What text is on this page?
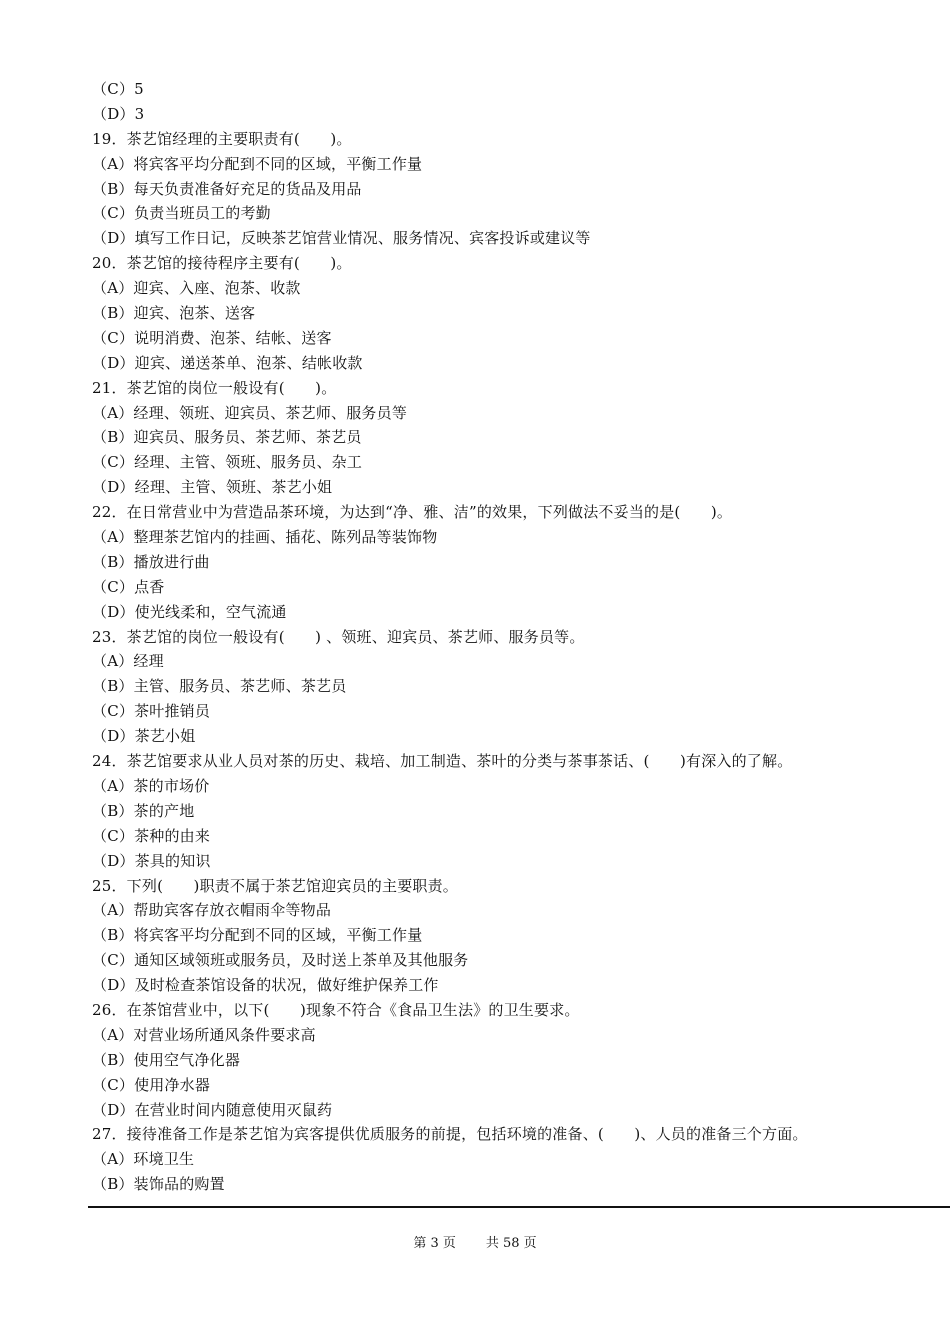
（C）5
（D）3
19．茶艺馆经理的主要职责有(　　)。
（A）将宾客平均分配到不同的区域，平衡工作量
（B）每天负责准备好充足的货品及用品
（C）负责当班员工的考勤
（D）填写工作日记，反映茶艺馆营业情况、服务情况、宾客投诉或建议等
20．茶艺馆的接待程序主要有(　　)。
（A）迎宾、入座、泡茶、收款
（B）迎宾、泡茶、送客
（C）说明消费、泡茶、结帐、送客
（D）迎宾、递送茶单、泡茶、结帐收款
21．茶艺馆的岗位一般设有(　　)。
（A）经理、领班、迎宾员、茶艺师、服务员等
（B）迎宾员、服务员、茶艺师、茶艺员
（C）经理、主管、领班、服务员、杂工
（D）经理、主管、领班、茶艺小姐
22．在日常营业中为营造品茶环境，为达到“净、雅、洁”的效果，下列做法不妥当的是(　　)。
（A）整理茶艺馆内的挂画、插花、陈列品等装饰物
（B）播放进行曲
（C）点香
（D）使光线柔和，空气流通
23．茶艺馆的岗位一般设有(　　) 、领班、迎宾员、茶艺师、服务员等。
（A）经理
（B）主管、服务员、茶艺师、茶艺员
（C）茶叶推销员
（D）茶艺小姐
24．茶艺馆要求从业人员对茶的历史、栽培、加工制造、茶叶的分类与茶事茶话、(　　)有深入的了解。
（A）茶的市场价
（B）茶的产地
（C）茶种的由来
（D）茶具的知识
25．下列(　　)职责不属于茶艺馆迎宾员的主要职责。
（A）帮助宾客存放衣帽雨伞等物品
（B）将宾客平均分配到不同的区域，平衡工作量
（C）通知区域领班或服务员，及时送上茶单及其他服务
（D）及时检查茶馆设备的状况，做好维护保养工作
26．在茶馆营业中，以下(　　)现象不符合《食品卫生法》的卫生要求。
（A）对营业场所通风条件要求高
（B）使用空气净化器
（C）使用净水器
（D）在营业时间内随意使用灭鼠药
27．接待准备工作是茶艺馆为宾客提供优质服务的前提，包括环境的准备、(　　)、人员的准备三个方面。
（A）环境卫生
（B）装饰品的购置
第 3 页 共 58 页
